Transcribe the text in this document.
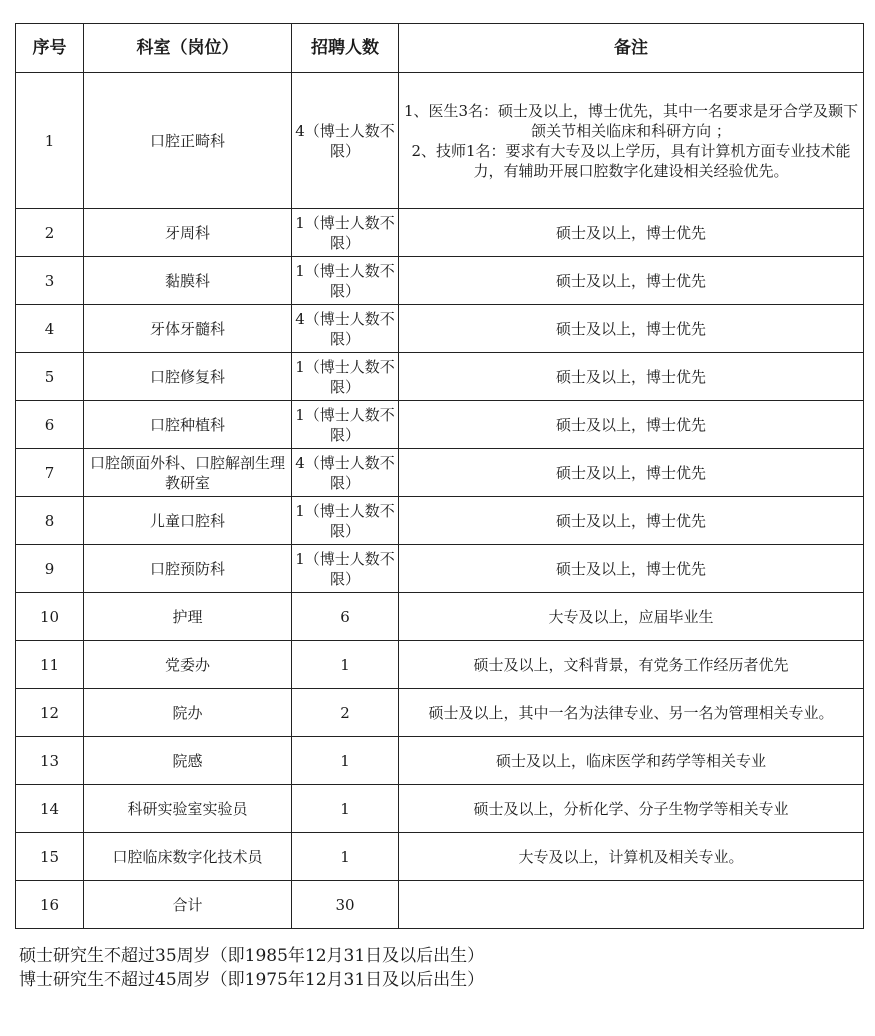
序号	科室（岗位）	招聘人数	备注
1	口腔正畸科	4（博士人数不限）	1、医生3名：硕士及以上，博士优先，其中一名要求是牙合学及颞下颌关节相关临床和科研方向 ；
2、技师1名：要求有大专及以上学历，具有计算机方面专业技术能力，有辅助开展口腔数字化建设相关经验优先。
2	牙周科	1（博士人数不限）	硕士及以上，博士优先
3	黏膜科	1（博士人数不限）	硕士及以上，博士优先
4	牙体牙髓科	4（博士人数不限）	硕士及以上，博士优先
5	口腔修复科	1（博士人数不限）	硕士及以上，博士优先
6	口腔种植科	1（博士人数不限）	硕士及以上，博士优先
7	口腔颌面外科、口腔解剖生理教研室	4（博士人数不限）	硕士及以上，博士优先
8	儿童口腔科	1（博士人数不限）	硕士及以上，博士优先
9	口腔预防科	1（博士人数不限）	硕士及以上，博士优先
10	护理	6	大专及以上，应届毕业生
11	党委办	1	硕士及以上，文科背景，有党务工作经历者优先
12	院办	2	硕士及以上，其中一名为法律专业、另一名为管理相关专业。
13	院感	1	硕士及以上，临床医学和药学等相关专业
14	科研实验室实验员	1	硕士及以上，分析化学、分子生物学等相关专业
15	口腔临床数字化技术员	1	大专及以上，计算机及相关专业。
16	合计	30	
硕士研究生不超过35周岁（即1985年12月31日及以后出生）
博士研究生不超过45周岁（即1975年12月31日及以后出生）
